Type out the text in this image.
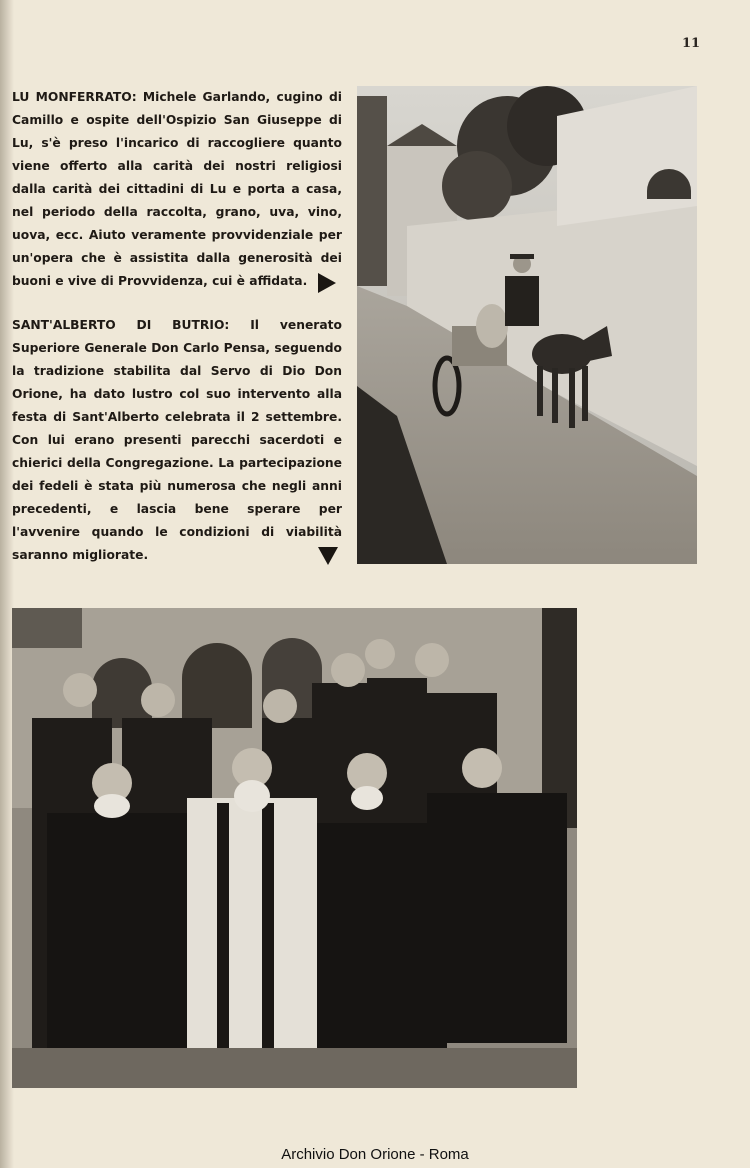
11
LU MONFERRATO: Michele Garlando, cugino di Camillo e ospite dell'Ospizio San Giuseppe di Lu, s'è preso l'incarico di raccogliere quanto viene offerto alla carità dei nostri religiosi dalla carità dei cittadini di Lu e porta a casa, nel periodo della raccolta, grano, uva, vino, uova, ecc. Aiuto veramente provvidenziale per un'opera che è assistita dalla generosità dei buoni e vive di Provvidenza, cui è affidata.
SANT'ALBERTO DI BUTRIO: Il venerato Superiore Generale Don Carlo Pensa, seguendo la tradizione stabilita dal Servo di Dio Don Orione, ha dato lustro col suo intervento alla festa di Sant'Alberto celebrata il 2 settembre. Con lui erano presenti parecchi sacerdoti e chierici della Congregazione. La partecipazione dei fedeli è stata più numerosa che negli anni precedenti, e lascia bene sperare per l'avvenire quando le condizioni di viabilità saranno migliorate.
Archivio Don Orione - Roma
